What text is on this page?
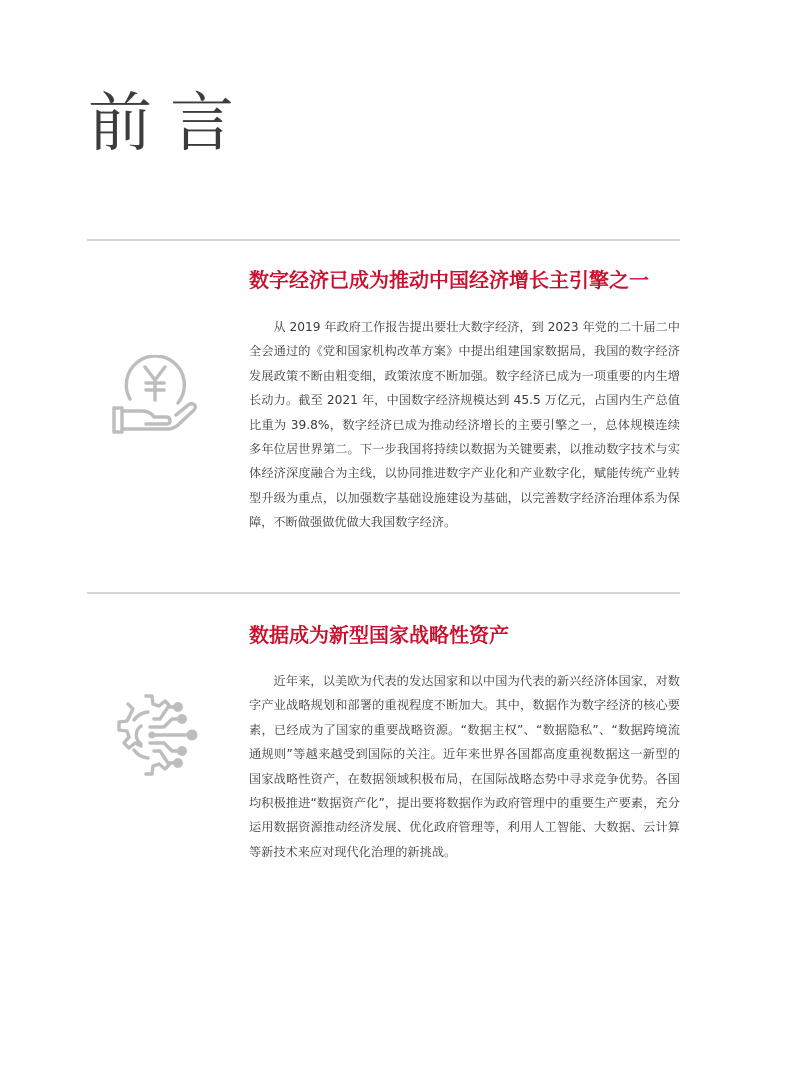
前言
数字经济已成为推动中国经济增长主引擎之一

从 2019 年政府工作报告提出要壮大数字经济，到 2023 年党的二十届二中全会通过的《党和国家机构改革方案》中提出组建国家数据局，我国的数字经济发展政策不断由粗变细，政策浓度不断加强。数字经济已成为一项重要的内生增长动力。截至 2021 年，中国数字经济规模达到 45.5 万亿元，占国内生产总值比重为 39.8%，数字经济已成为推动经济增长的主要引擎之一，总体规模连续多年位居世界第二。下一步我国将持续以数据为关键要素，以推动数字技术与实体经济深度融合为主线，以协同推进数字产业化和产业数字化，赋能传统产业转型升级为重点，以加强数字基础设施建设为基础，以完善数字经济治理体系为保障，不断做强做优做大我国数字经济。

数据成为新型国家战略性资产

近年来，以美欧为代表的发达国家和以中国为代表的新兴经济体国家，对数字产业战略规划和部署的重视程度不断加大。其中，数据作为数字经济的核心要素，已经成为了国家的重要战略资源。“数据主权”、“数据隐私”、“数据跨境流通规则”等越来越受到国际的关注。近年来世界各国都高度重视数据这一新型的国家战略性资产，在数据领域积极布局，在国际战略态势中寻求竞争优势。各国均积极推进“数据资产化”，提出要将数据作为政府管理中的重要生产要素，充分运用数据资源推动经济发展、优化政府管理等，利用人工智能、大数据、云计算等新技术来应对现代化治理的新挑战。
